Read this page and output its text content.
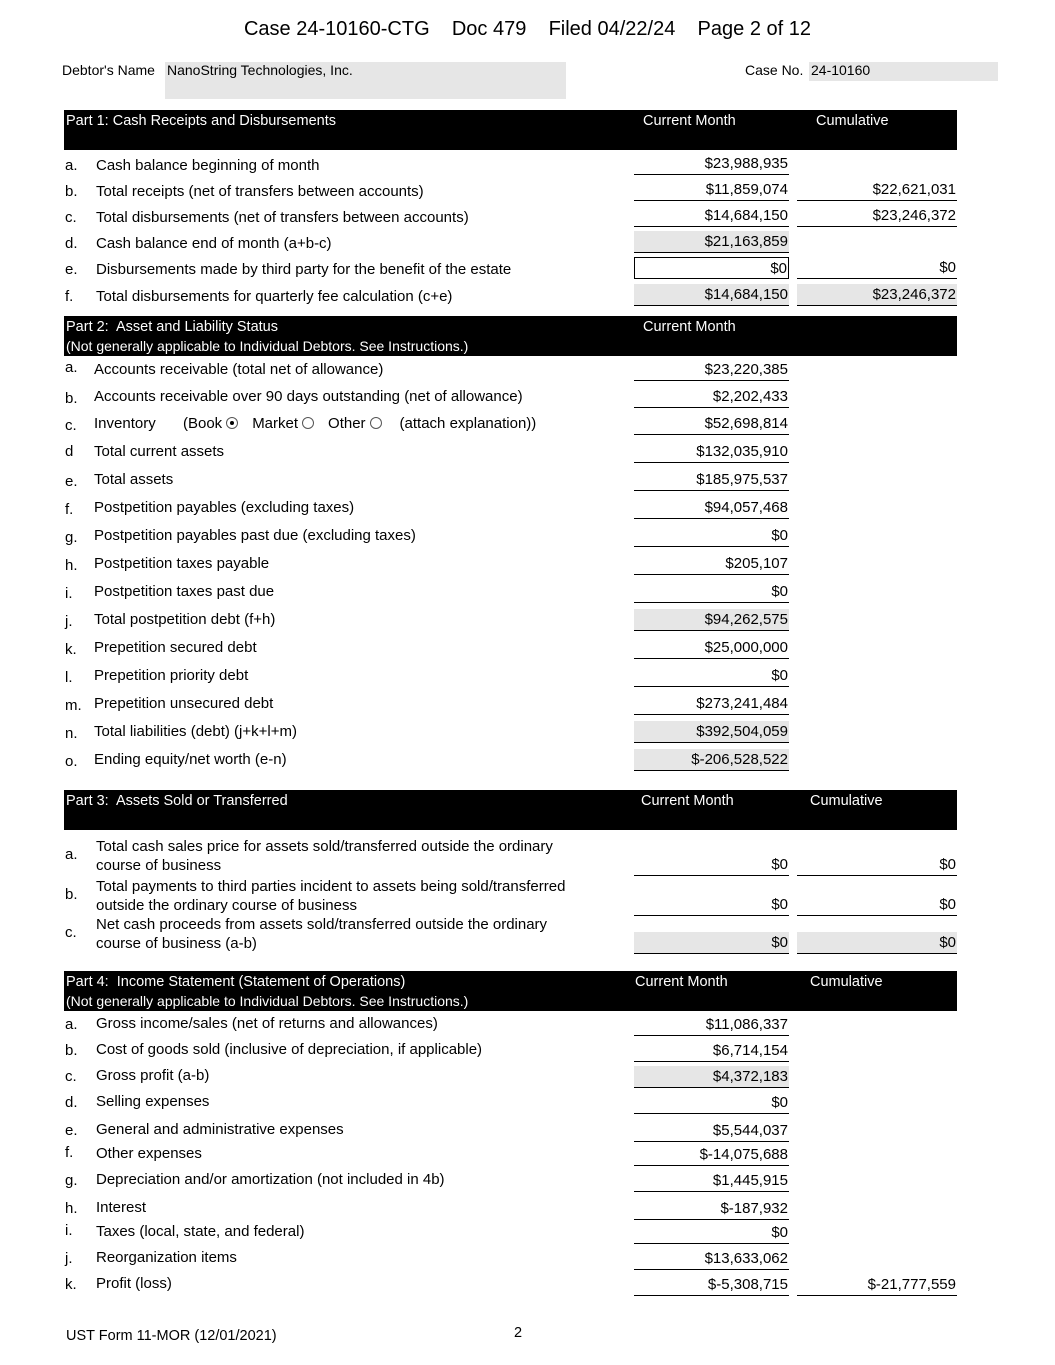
Case 24-10160-CTG    Doc 479    Filed 04/22/24    Page 2 of 12
Debtor's Name NanoString Technologies, Inc.	Case No. 24-10160
Part 1: Cash Receipts and Disbursements	Current Month	Cumulative
a. Cash balance beginning of month	$23,988,935
b. Total receipts (net of transfers between accounts)	$11,859,074	$22,621,031
c. Total disbursements (net of transfers between accounts)	$14,684,150	$23,246,372
d. Cash balance end of month (a+b-c)	$21,163,859
e. Disbursements made by third party for the benefit of the estate	$0	$0
f. Total disbursements for quarterly fee calculation (c+e)	$14,684,150	$23,246,372
Part 2:  Asset and Liability Status
(Not generally applicable to Individual Debtors. See Instructions.)
Current Month
a. Accounts receivable (total net of allowance)	$23,220,385
b. Accounts receivable over 90 days outstanding (net of allowance)	$2,202,433
c. Inventory (Book Market Other (attach explanation))	$52,698,814
d Total current assets	$132,035,910
e. Total assets	$185,975,537
f. Postpetition payables (excluding taxes)	$94,057,468
g. Postpetition payables past due (excluding taxes)	$0
h. Postpetition taxes payable	$205,107
i. Postpetition taxes past due	$0
j. Total postpetition debt (f+h)	$94,262,575
k. Prepetition secured debt	$25,000,000
l. Prepetition priority debt	$0
m. Prepetition unsecured debt	$273,241,484
n. Total liabilities (debt) (j+k+l+m)	$392,504,059
o. Ending equity/net worth (e-n)	$-206,528,522
Part 3:  Assets Sold or Transferred	Current Month	Cumulative
a. Total cash sales price for assets sold/transferred outside the ordinary course of business	$0	$0
b. Total payments to third parties incident to assets being sold/transferred outside the ordinary course of business	$0	$0
c. Net cash proceeds from assets sold/transferred outside the ordinary course of business (a-b)	$0	$0
Part 4:  Income Statement (Statement of Operations)
(Not generally applicable to Individual Debtors. See Instructions.)
Current Month	Cumulative
a. Gross income/sales (net of returns and allowances)	$11,086,337
b. Cost of goods sold (inclusive of depreciation, if applicable)	$6,714,154
c. Gross profit (a-b)	$4,372,183
d. Selling expenses	$0
e. General and administrative expenses	$5,544,037
f. Other expenses	$-14,075,688
g. Depreciation and/or amortization (not included in 4b)	$1,445,915
h. Interest	$-187,932
i. Taxes (local, state, and federal)	$0
j. Reorganization items	$13,633,062
k. Profit (loss)	$-5,308,715	$-21,777,559
UST Form 11-MOR (12/01/2021)	2
